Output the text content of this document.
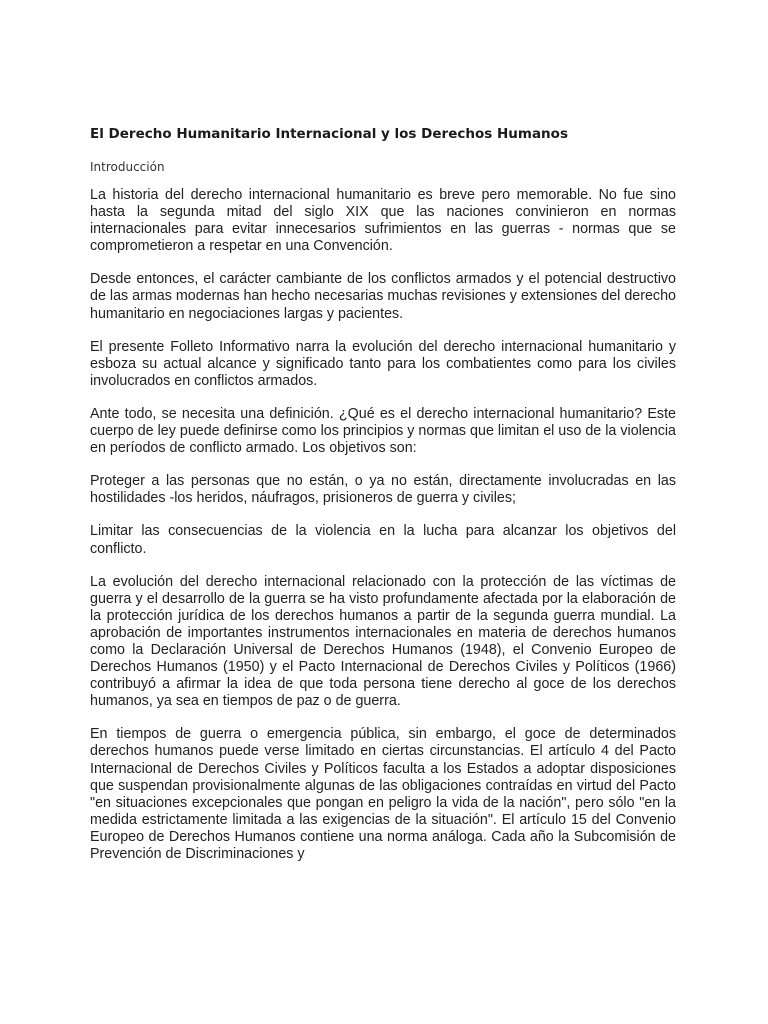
El Derecho Humanitario Internacional y los Derechos Humanos
Introducción

La historia del derecho internacional humanitario es breve pero memorable. No fue sino hasta la segunda mitad del siglo XIX que las naciones convinieron en normas internacionales para evitar innecesarios sufrimientos en las guerras - normas que se comprometieron a respetar en una Convención.

Desde entonces, el carácter cambiante de los conflictos armados y el potencial destructivo de las armas modernas han hecho necesarias muchas revisiones y extensiones del derecho humanitario en negociaciones largas y pacientes.

El presente Folleto Informativo narra la evolución del derecho internacional humanitario y esboza su actual alcance y significado tanto para los combatientes como para los civiles involucrados en conflictos armados.

Ante todo, se necesita una definición. ¿Qué es el derecho internacional humanitario? Este cuerpo de ley puede definirse como los principios y normas que limitan el uso de la violencia en períodos de conflicto armado. Los objetivos son:

Proteger a las personas que no están, o ya no están, directamente involucradas en las hostilidades -los heridos, náufragos, prisioneros de guerra y civiles;

Limitar las consecuencias de la violencia en la lucha para alcanzar los objetivos del conflicto.

La evolución del derecho internacional relacionado con la protección de las víctimas de guerra y el desarrollo de la guerra se ha visto profundamente afectada por la elaboración de la protección jurídica de los derechos humanos a partir de la segunda guerra mundial. La aprobación de importantes instrumentos internacionales en materia de derechos humanos como la Declaración Universal de Derechos Humanos (1948), el Convenio Europeo de Derechos Humanos (1950) y el Pacto Internacional de Derechos Civiles y Políticos (1966) contribuyó a afirmar la idea de que toda persona tiene derecho al goce de los derechos humanos, ya sea en tiempos de paz o de guerra.

En tiempos de guerra o emergencia pública, sin embargo, el goce de determinados derechos humanos puede verse limitado en ciertas circunstancias. El artículo 4 del Pacto Internacional de Derechos Civiles y Políticos faculta a los Estados a adoptar disposiciones que suspendan provisionalmente algunas de las obligaciones contraídas en virtud del Pacto "en situaciones excepcionales que pongan en peligro la vida de la nación", pero sólo "en la medida estrictamente limitada a las exigencias de la situación". El artículo 15 del Convenio Europeo de Derechos Humanos contiene una norma análoga. Cada año la Subcomisión de Prevención de Discriminaciones y
